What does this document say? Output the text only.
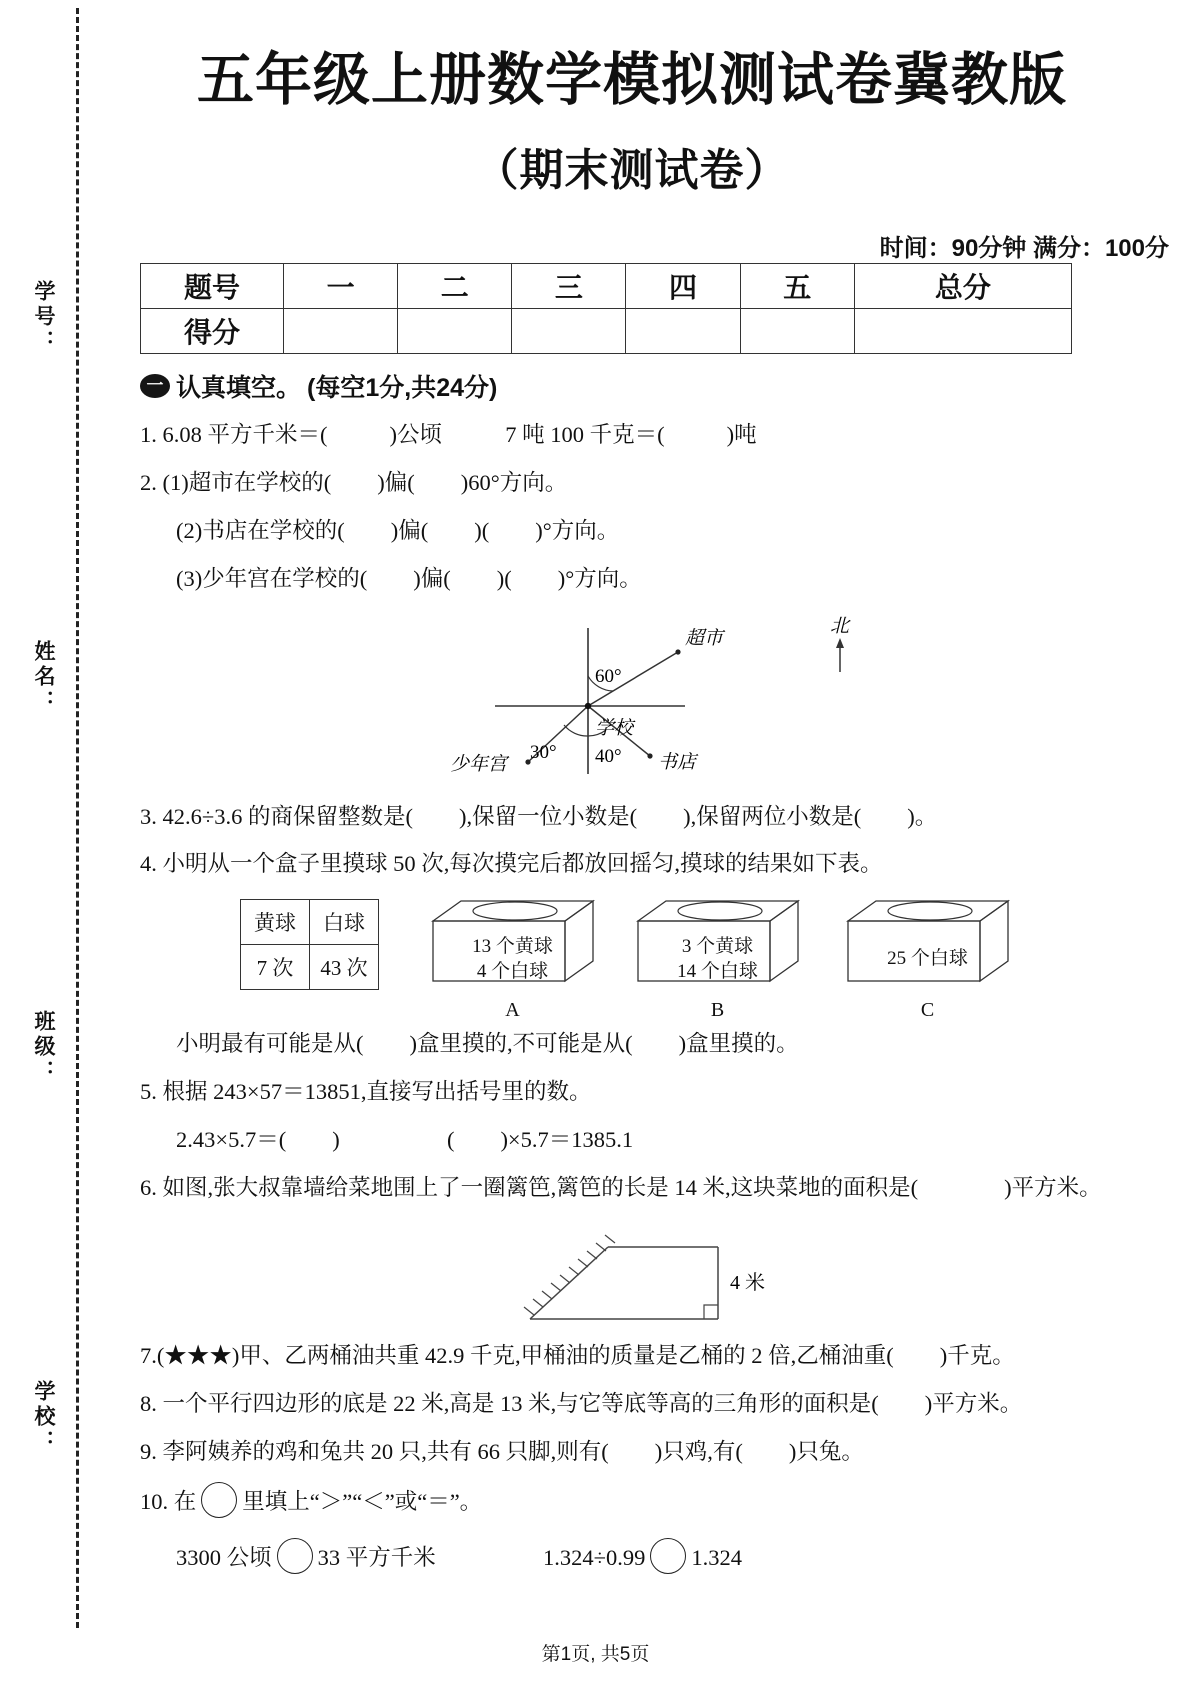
学号：
姓名：
班级：
学校：
五年级上册数学模拟测试卷冀教版
（期末测试卷）
时间：90分钟 满分：100分
题号	一	二	三	四	五	总分
得分						
一 认真填空。 (每空1分,共24分)
1. 6.08 平方千米＝(	)公顷	7 吨 100 千克＝(	)吨
2. (1)超市在学校的( )偏( )60°方向。
(2)书店在学校的( )偏( )( )°方向。
(3)少年宫在学校的( )偏( )( )°方向。
北
超市
学校
书店
少年宫
60°
40°
30°
3. 42.6÷3.6 的商保留整数是( ),保留一位小数是( ),保留两位小数是( )。
4. 小明从一个盒子里摸球 50 次,每次摸完后都放回摇匀,摸球的结果如下表。
黄球	白球
7 次	43 次
13 个黄球
4 个白球
A
3 个黄球
14 个白球
B
25 个白球
C
小明最有可能是从( )盒里摸的,不可能是从( )盒里摸的。
5. 根据 243×57＝13851,直接写出括号里的数。
2.43×5.7＝( )	( )×5.7＝1385.1
6. 如图,张大叔靠墙给菜地围上了一圈篱笆,篱笆的长是 14 米,这块菜地的面积是(	)平方米。
4 米
7.(★★★)甲、乙两桶油共重 42.9 千克,甲桶油的质量是乙桶的 2 倍,乙桶油重( )千克。
8. 一个平行四边形的底是 22 米,高是 13 米,与它等底等高的三角形的面积是( )平方米。
9. 李阿姨养的鸡和兔共 20 只,共有 66 只脚,则有( )只鸡,有( )只兔。
10. 在 里填上“＞”“＜”或“＝”。
3300 公顷 33 平方千米	1.324÷0.99 1.324
第1页, 共5页
